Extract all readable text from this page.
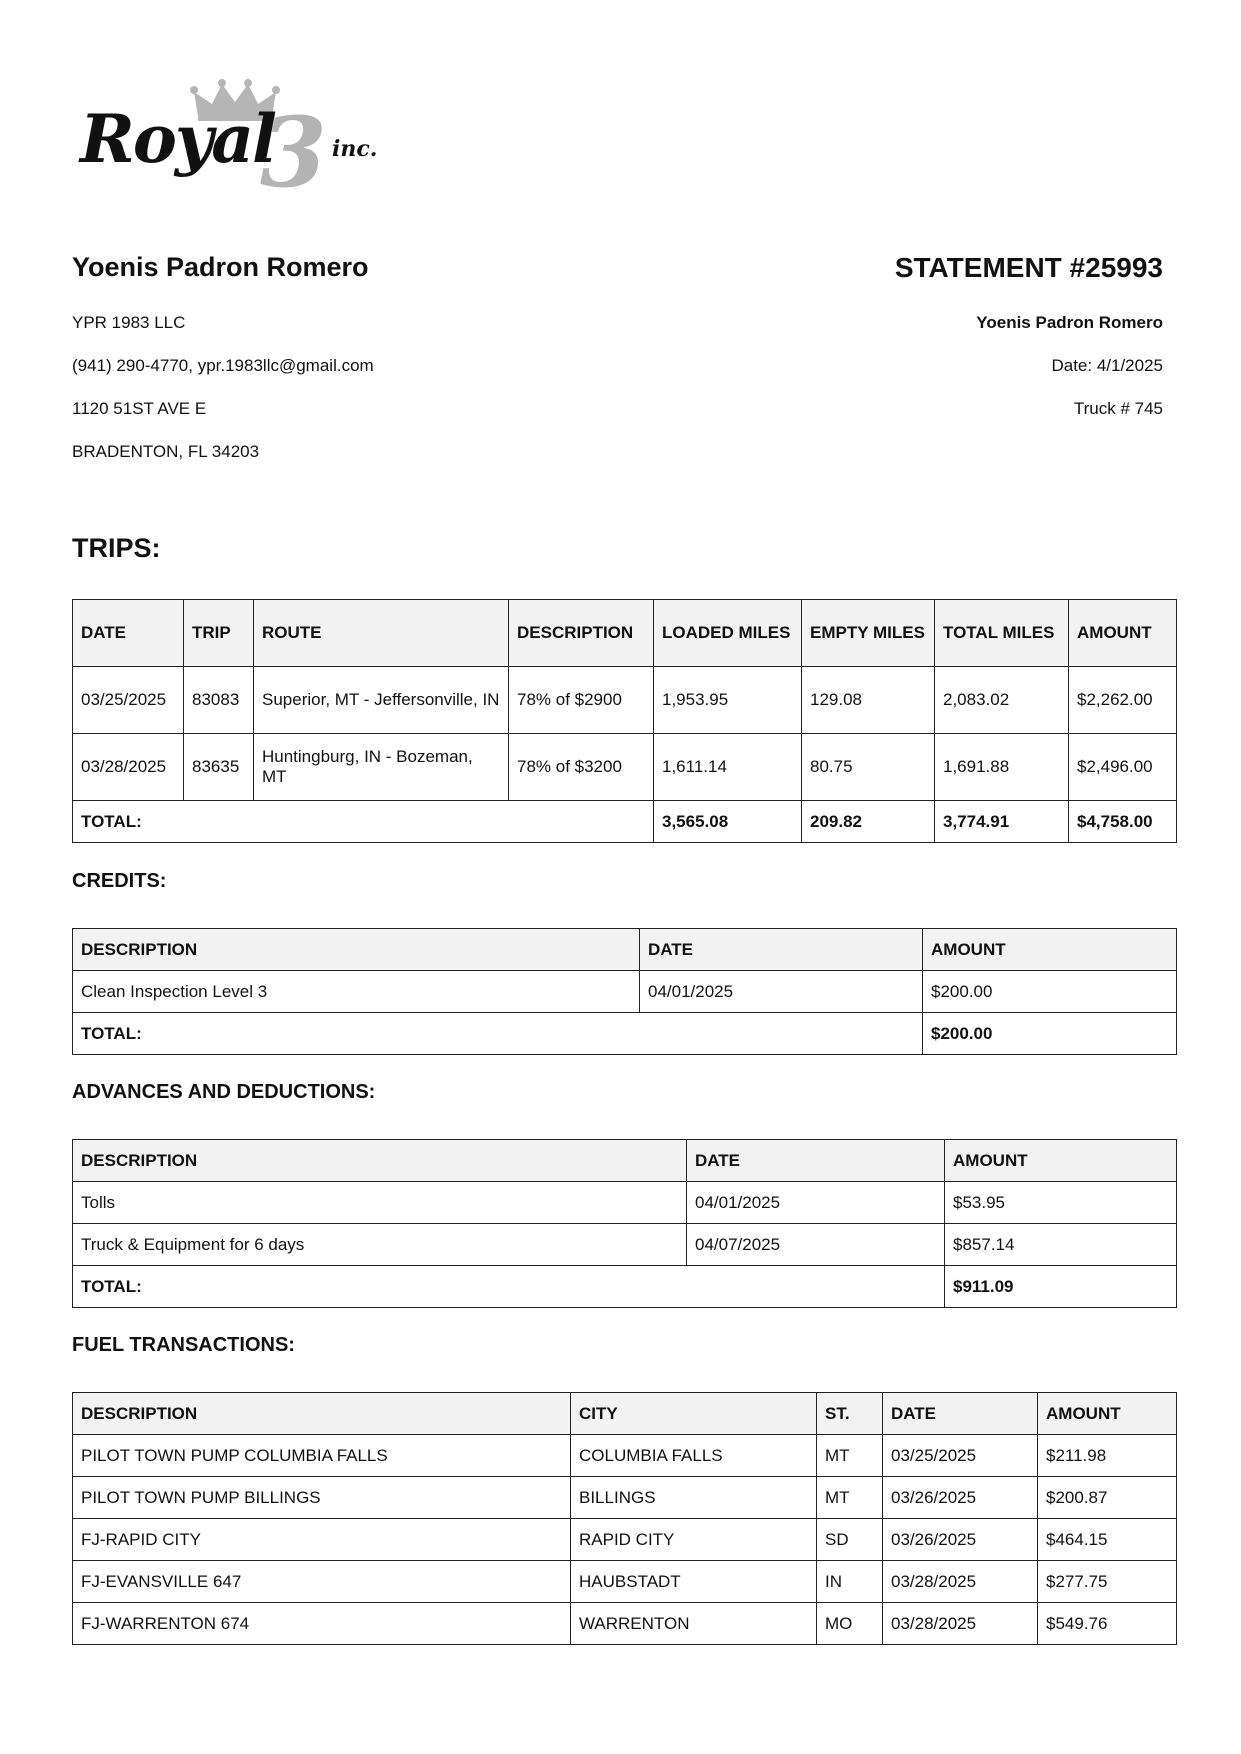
Royal
3 inc.
Yoenis Padron Romero
YPR 1983 LLC
(941) 290-4770, ypr.1983llc@gmail.com
1120 51ST AVE E
BRADENTON, FL 34203
STATEMENT #25993
Yoenis Padron Romero
Date: 4/1/2025
Truck # 745
TRIPS:
DATE	TRIP	ROUTE	DESCRIPTION	LOADED MILES	EMPTY MILES	TOTAL MILES	AMOUNT
03/25/2025	83083	Superior, MT - Jeffersonville, IN	78% of $2900	1,953.95	129.08	2,083.02	$2,262.00
03/28/2025	83635	Huntingburg, IN - Bozeman, MT	78% of $3200	1,611.14	80.75	1,691.88	$2,496.00
TOTAL:				3,565.08	209.82	3,774.91	$4,758.00
CREDITS:
DESCRIPTION	DATE	AMOUNT
Clean Inspection Level 3	04/01/2025	$200.00
TOTAL:		$200.00
ADVANCES AND DEDUCTIONS:
DESCRIPTION	DATE	AMOUNT
Tolls	04/01/2025	$53.95
Truck & Equipment for 6 days	04/07/2025	$857.14
TOTAL:		$911.09
FUEL TRANSACTIONS:
DESCRIPTION	CITY	ST.	DATE	AMOUNT
PILOT TOWN PUMP COLUMBIA FALLS	COLUMBIA FALLS	MT	03/25/2025	$211.98
PILOT TOWN PUMP BILLINGS	BILLINGS	MT	03/26/2025	$200.87
FJ-RAPID CITY	RAPID CITY	SD	03/26/2025	$464.15
FJ-EVANSVILLE 647	HAUBSTADT	IN	03/28/2025	$277.75
FJ-WARRENTON 674	WARRENTON	MO	03/28/2025	$549.76
